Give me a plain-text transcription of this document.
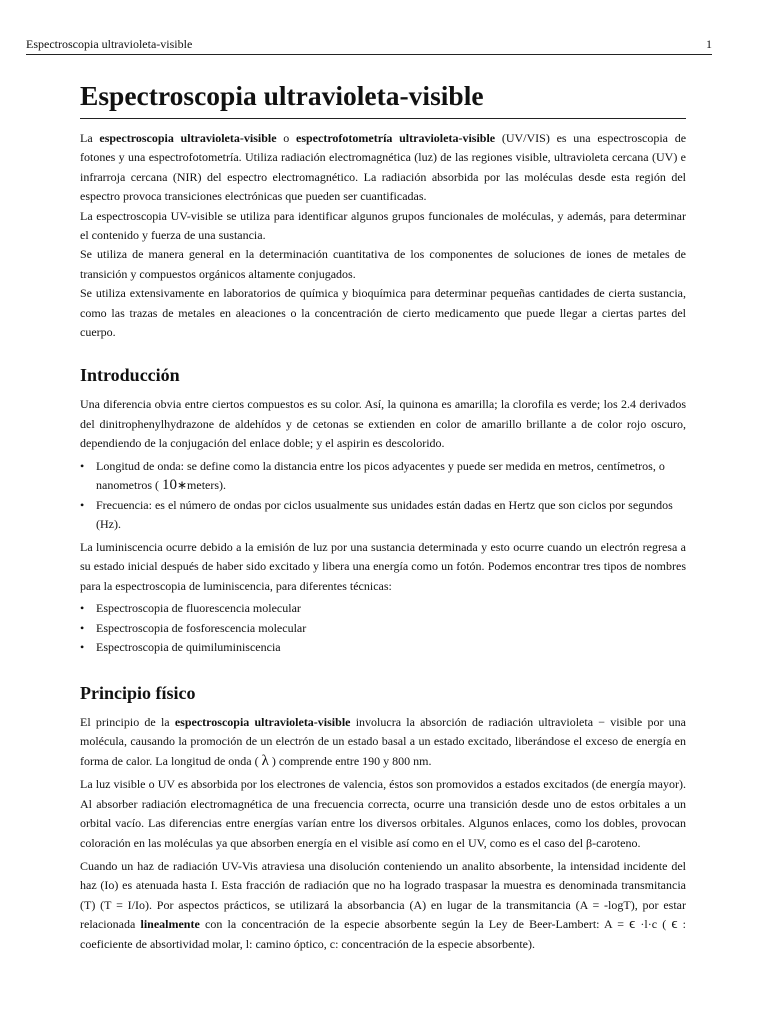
Espectroscopia ultravioleta-visible	1
Espectroscopia ultravioleta-visible

La espectroscopia ultravioleta-visible o espectrofotometría ultravioleta-visible (UV/VIS) es una espectroscopia de fotones y una espectrofotometría. Utiliza radiación electromagnética (luz) de las regiones visible, ultravioleta cercana (UV) e infrarroja cercana (NIR) del espectro electromagnético. La radiación absorbida por las moléculas desde esta región del espectro provoca transiciones electrónicas que pueden ser cuantificadas.

La espectroscopia UV-visible se utiliza para identificar algunos grupos funcionales de moléculas, y además, para determinar el contenido y fuerza de una sustancia.

Se utiliza de manera general en la determinación cuantitativa de los componentes de soluciones de iones de metales de transición y compuestos orgánicos altamente conjugados.

Se utiliza extensivamente en laboratorios de química y bioquímica para determinar pequeñas cantidades de cierta sustancia, como las trazas de metales en aleaciones o la concentración de cierto medicamento que puede llegar a ciertas partes del cuerpo.

Introducción

Una diferencia obvia entre ciertos compuestos es su color. Así, la quinona es amarilla; la clorofila es verde; los 2.4 derivados del dinitrophenylhydrazone de aldehídos y de cetonas se extienden en color de amarillo brillante a de color rojo oscuro, dependiendo de la conjugación del enlace doble; y el aspirin es descolorido.

• Longitud de onda: se define como la distancia entre los picos adyacentes y puede ser medida en metros, centímetros, o nanometros ( 10∗meters).
• Frecuencia: es el número de ondas por ciclos usualmente sus unidades están dadas en Hertz que son ciclos por segundos (Hz).

La luminiscencia ocurre debido a la emisión de luz por una sustancia determinada y esto ocurre cuando un electrón regresa a su estado inicial después de haber sido excitado y libera una energía como un fotón. Podemos encontrar tres tipos de nombres para la espectroscopia de luminiscencia, para diferentes técnicas:

• Espectroscopia de fluorescencia molecular
• Espectroscopia de fosforescencia molecular
• Espectroscopia de quimiluminiscencia
Principio físico

El principio de la espectroscopia ultravioleta-visible involucra la absorción de radiación ultravioleta − visible por una molécula, causando la promoción de un electrón de un estado basal a un estado excitado, liberándose el exceso de energía en forma de calor. La longitud de onda ( λ ) comprende entre 190 y 800 nm.

La luz visible o UV es absorbida por los electrones de valencia, éstos son promovidos a estados excitados (de energía mayor). Al absorber radiación electromagnética de una frecuencia correcta, ocurre una transición desde uno de estos orbitales a un orbital vacío. Las diferencias entre energías varían entre los diversos orbitales. Algunos enlaces, como los dobles, provocan coloración en las moléculas ya que absorben energía en el visible así como en el UV, como es el caso del β-caroteno.

Cuando un haz de radiación UV-Vis atraviesa una disolución conteniendo un analito absorbente, la intensidad incidente del haz (Io) es atenuada hasta I. Esta fracción de radiación que no ha logrado traspasar la muestra es denominada transmitancia (T) (T = I/Io). Por aspectos prácticos, se utilizará la absorbancia (A) en lugar de la transmitancia (A = -logT), por estar relacionada linealmente con la concentración de la especie absorbente según la Ley de Beer-Lambert: A = ϵ ·l·c ( ϵ : coeficiente de absortividad molar, l: camino óptico, c: concentración de la especie absorbente).
